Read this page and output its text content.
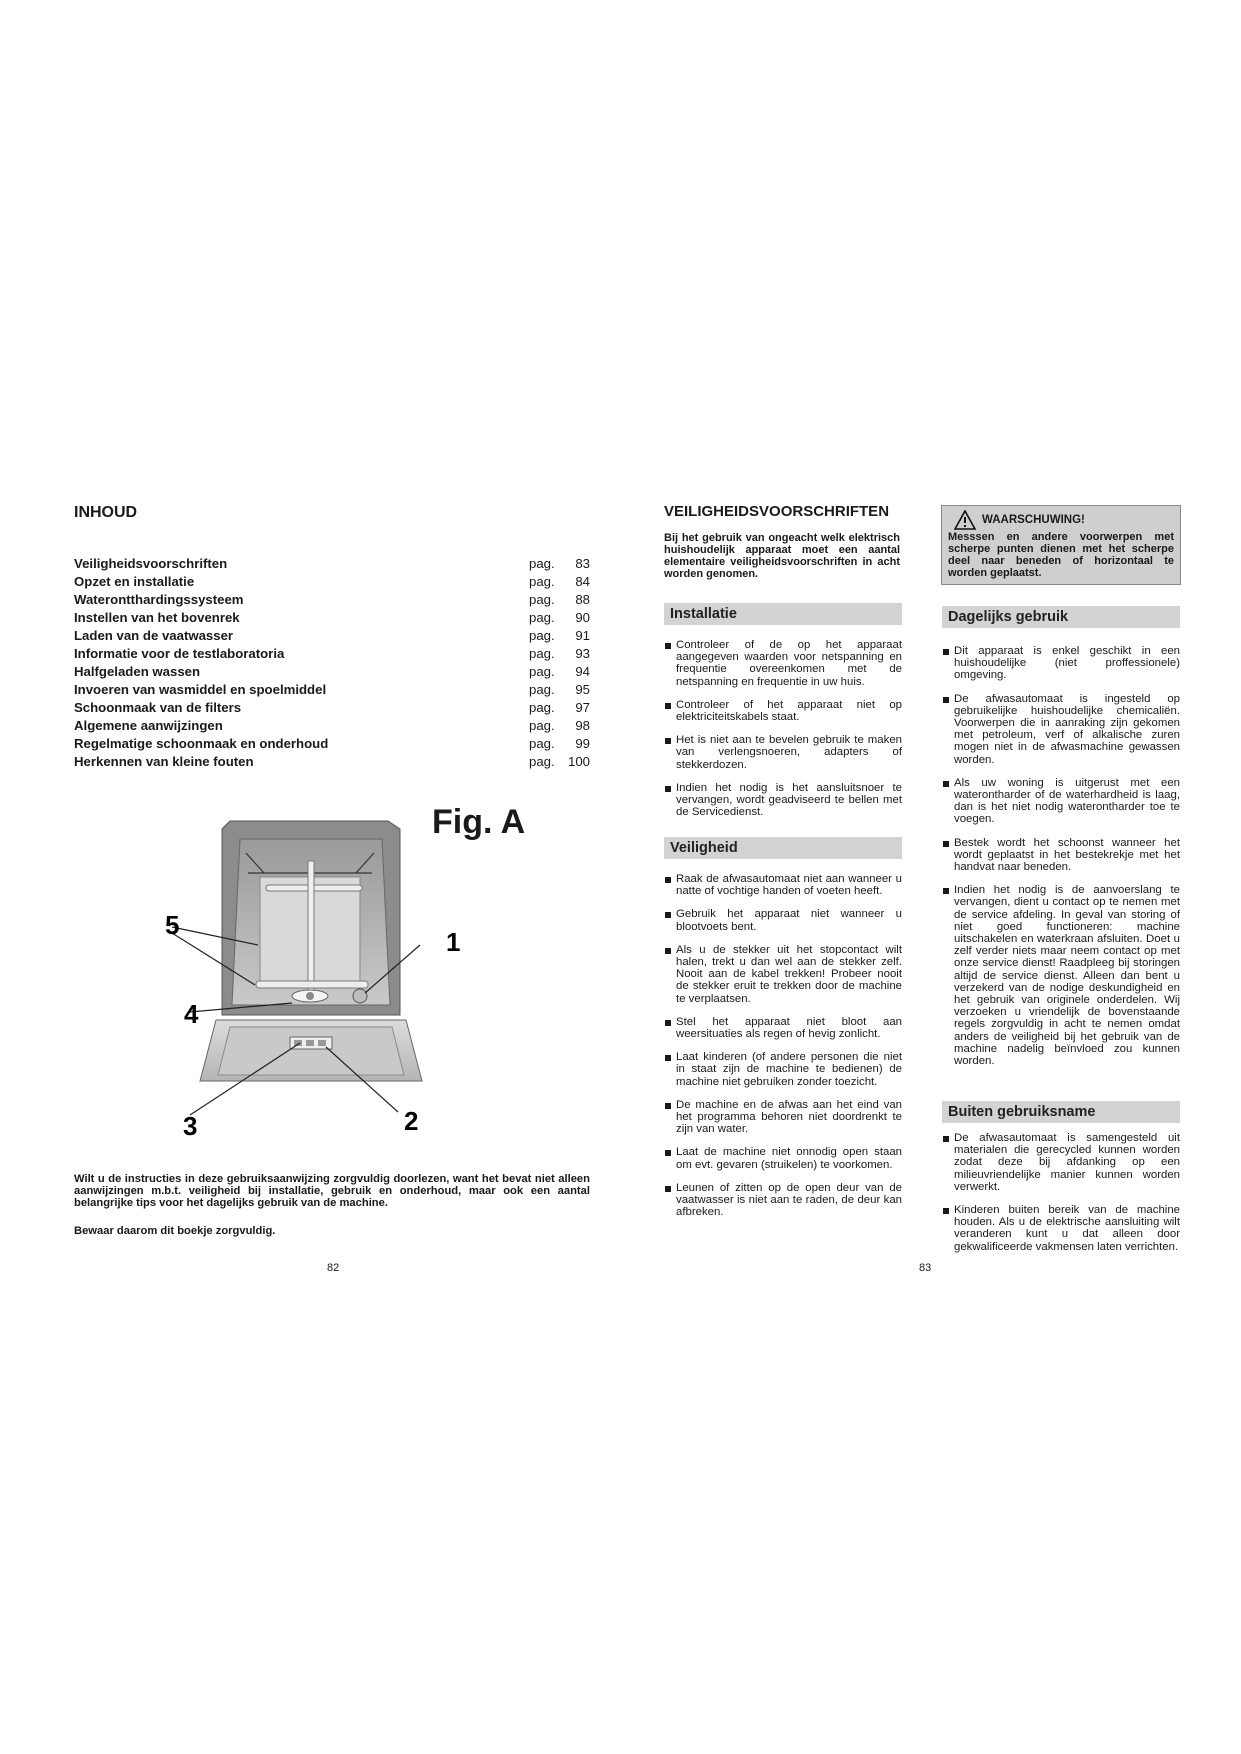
INHOUD
Veiligheidsvoorschriften	pag.	83
Opzet en installatie	pag.	84
Waterontthardingssysteem	pag.	88
Instellen van het bovenrek	pag.	90
Laden van de vaatwasser	pag.	91
Informatie voor de testlaboratoria	pag.	93
Halfgeladen wassen	pag.	94
Invoeren van wasmiddel en spoelmiddel	pag.	95
Schoonmaak van de filters	pag.	97
Algemene aanwijzingen	pag.	98
Regelmatige schoonmaak en onderhoud	pag.	99
Herkennen van kleine fouten	pag.	100
Fig. A
5
1
4
3	2
Wilt u de instructies in deze gebruiksaanwijzing zorgvuldig doorlezen, want het bevat niet alleen aanwijzingen m.b.t. veiligheid bij installatie, gebruik en onderhoud, maar ook een aantal belangrijke tips voor het dagelijks gebruik van de machine.
Bewaar daarom dit boekje zorgvuldig.
82
VEILIGHEIDSVOORSCHRIFTEN
Bij het gebruik van ongeacht welk elektrisch huishoudelijk apparaat moet een aantal elementaire veiligheidsvoorschriften in acht worden genomen.
Installatie
Controleer of de op het apparaat aangegeven waarden voor netspanning en frequentie overeenkomen met de netspanning en frequentie in uw huis.
Controleer of het apparaat niet op elektriciteitskabels staat.
Het is niet aan te bevelen gebruik te maken van verlengsnoeren, adapters of stekkerdozen.
Indien het nodig is het aansluitsnoer te vervangen, wordt geadviseerd te bellen met de Servicedienst.
Veiligheid
Raak de afwasautomaat niet aan wanneer u natte of vochtige handen of voeten heeft.
Gebruik het apparaat niet wanneer u blootvoets bent.
Als u de stekker uit het stopcontact wilt halen, trekt u dan wel aan de stekker zelf. Nooit aan de kabel trekken! Probeer nooit de stekker eruit te trekken door de machine te verplaatsen.
Stel het apparaat niet bloot aan weersituaties als regen of hevig zonlicht.
Laat kinderen (of andere personen die niet in staat zijn de machine te bedienen) de machine niet gebruiken zonder toezicht.
De machine en de afwas aan het eind van het programma behoren niet doordrenkt te zijn van water.
Laat de machine niet onnodig open staan om evt. gevaren (struikelen) te voorkomen.
Leunen of zitten op de open deur van de vaatwasser is niet aan te raden, de deur kan afbreken.
83
WAARSCHUWING!
Messsen en andere voorwerpen met scherpe punten dienen met het scherpe deel naar beneden of horizontaal te worden geplaatst.
Dagelijks gebruik
Dit apparaat is enkel geschikt in een huishoudelijke (niet proffessionele) omgeving.
De afwasautomaat is ingesteld op gebruikelijke huishoudelijke chemicaliën. Voorwerpen die in aanraking zijn gekomen met petroleum, verf of alkalische zuren mogen niet in de afwasmachine gewassen worden.
Als uw woning is uitgerust met een waterontharder of de waterhardheid is laag, dan is het niet nodig waterontharder toe te voegen.
Bestek wordt het schoonst wanneer het wordt geplaatst in het bestekrekje met het handvat naar beneden.
Indien het nodig is de aanvoerslang te vervangen, dient u contact op te nemen met de service afdeling. In geval van storing of niet goed functioneren: machine uitschakelen en waterkraan afsluiten. Doet u zelf verder niets maar neem contact op met onze service dienst! Raadpleeg bij storingen altijd de service dienst. Alleen dan bent u verzekerd van de nodige deskundigheid en het gebruik van originele onderdelen. Wij verzoeken u vriendelijk de bovenstaande regels zorgvuldig in acht te nemen omdat anders de veiligheid bij het gebruik van de machine nadelig beïnvloed zou kunnen worden.
Buiten gebruiksname
De afwasautomaat is samengesteld uit materialen die gerecycled kunnen worden zodat deze bij afdanking op een milieuvriendelijke manier kunnen worden verwerkt.
Kinderen buiten bereik van de machine houden. Als u de elektrische aansluiting wilt veranderen kunt u dat alleen door gekwalificeerde vakmensen laten verrichten.
